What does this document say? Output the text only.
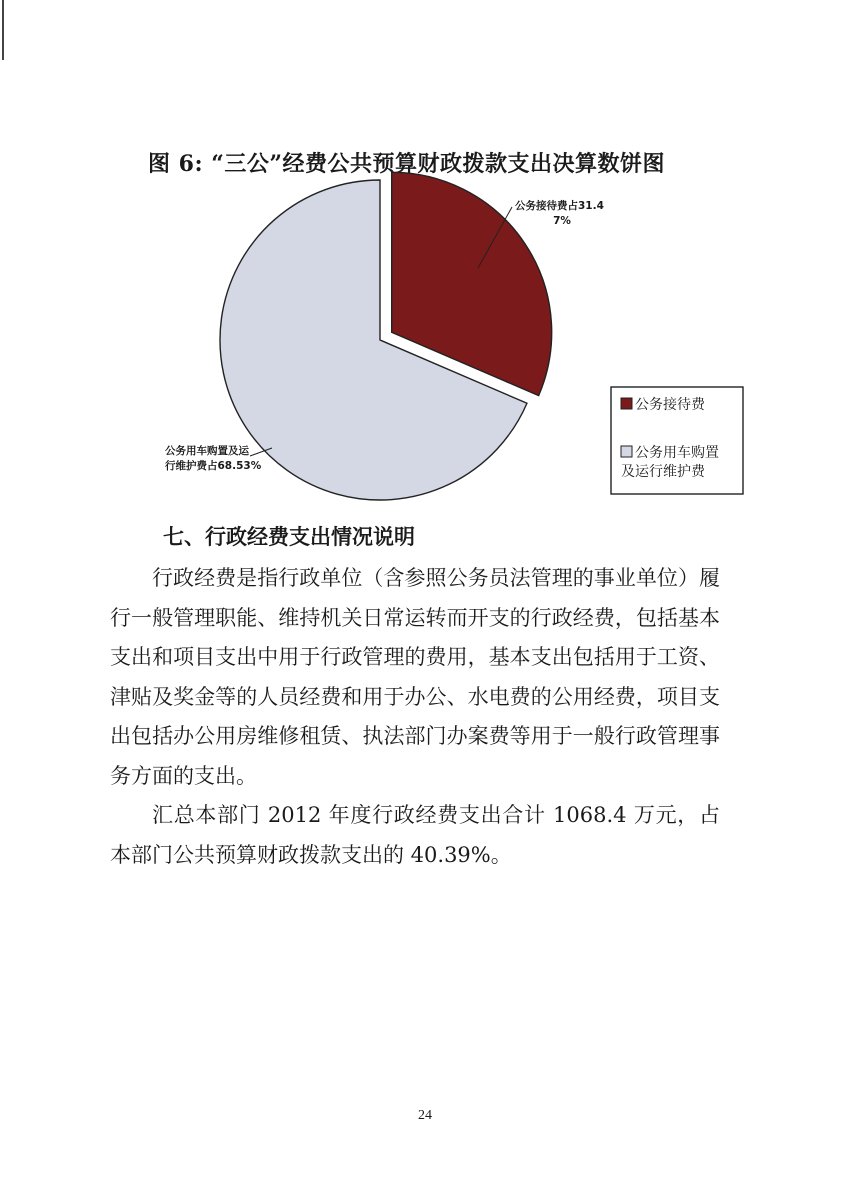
图 6: “三公”经费公共预算财政拨款支出决算数饼图
公务接待费占31.4
7%
公务用车购置及运
行维护费占68.53%
公务接待费
公务用车购置
及运行维护费
七、行政经费支出情况说明

行政经费是指行政单位（含参照公务员法管理的事业单位）履行一般管理职能、维持机关日常运转而开支的行政经费，包括基本支出和项目支出中用于行政管理的费用，基本支出包括用于工资、津贴及奖金等的人员经费和用于办公、水电费的公用经费，项目支出包括办公用房维修租赁、执法部门办案费等用于一般行政管理事务方面的支出。

汇总本部门 2012 年度行政经费支出合计 1068.4 万元，占本部门公共预算财政拨款支出的 40.39%。

24
